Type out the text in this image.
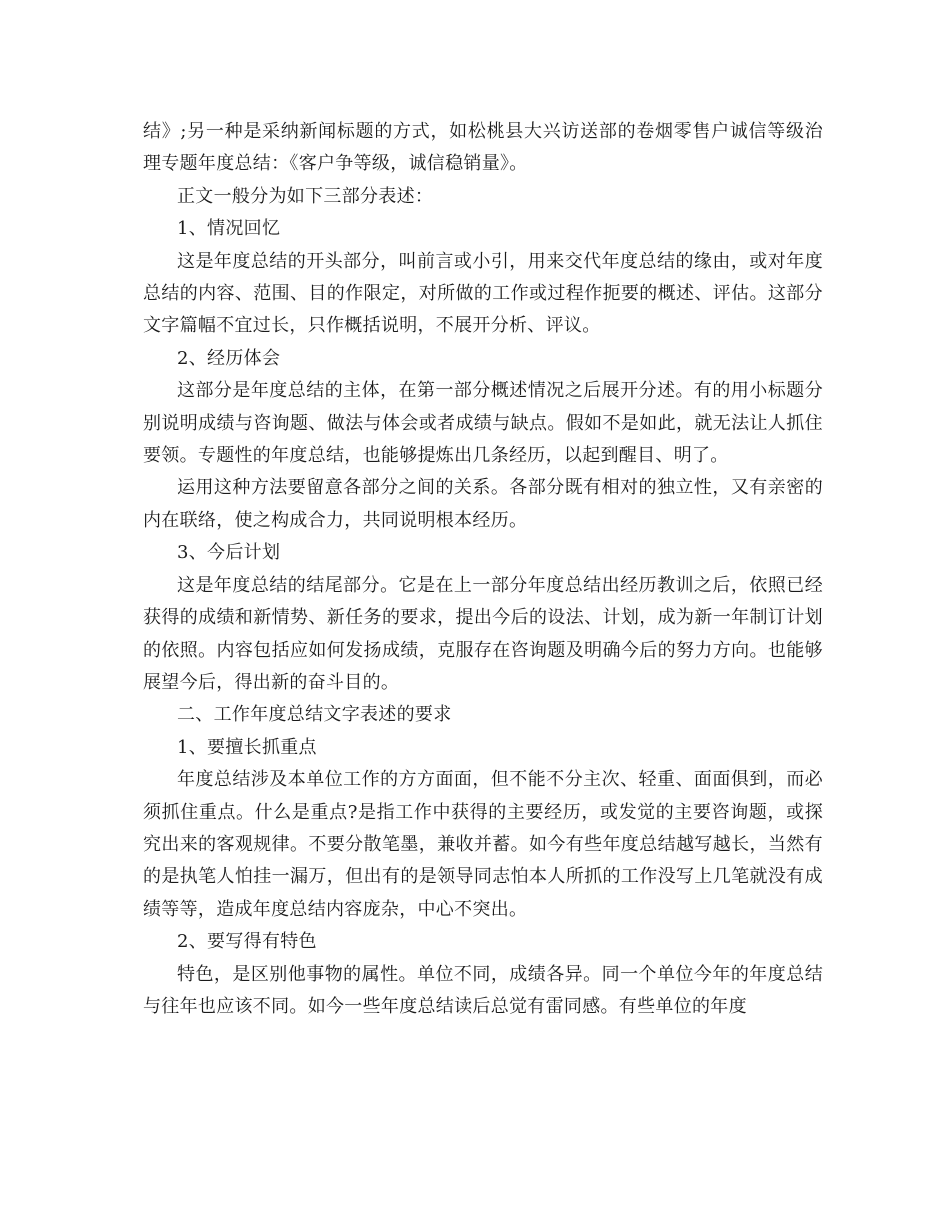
结》;另一种是采纳新闻标题的方式，如松桃县大兴访送部的卷烟零售户诚信等级治理专题年度总结：《客户争等级，诚信稳销量》。

正文一般分为如下三部分表述：

1、情况回忆

这是年度总结的开头部分，叫前言或小引，用来交代年度总结的缘由，或对年度总结的内容、范围、目的作限定，对所做的工作或过程作扼要的概述、评估。这部分文字篇幅不宜过长，只作概括说明，不展开分析、评议。

2、经历体会

这部分是年度总结的主体，在第一部分概述情况之后展开分述。有的用小标题分别说明成绩与咨询题、做法与体会或者成绩与缺点。假如不是如此，就无法让人抓住要领。专题性的年度总结，也能够提炼出几条经历，以起到醒目、明了。

运用这种方法要留意各部分之间的关系。各部分既有相对的独立性，又有亲密的内在联络，使之构成合力，共同说明根本经历。

3、今后计划

这是年度总结的结尾部分。它是在上一部分年度总结出经历教训之后，依照已经获得的成绩和新情势、新任务的要求，提出今后的设法、计划，成为新一年制订计划的依照。内容包括应如何发扬成绩，克服存在咨询题及明确今后的努力方向。也能够展望今后，得出新的奋斗目的。

二、工作年度总结文字表述的要求

1、要擅长抓重点

年度总结涉及本单位工作的方方面面，但不能不分主次、轻重、面面俱到，而必须抓住重点。什么是重点?是指工作中获得的主要经历，或发觉的主要咨询题，或探究出来的客观规律。不要分散笔墨，兼收并蓄。如今有些年度总结越写越长，当然有的是执笔人怕挂一漏万，但出有的是领导同志怕本人所抓的工作没写上几笔就没有成绩等等，造成年度总结内容庞杂，中心不突出。

2、要写得有特色

特色，是区别他事物的属性。单位不同，成绩各异。同一个单位今年的年度总结与往年也应该不同。如今一些年度总结读后总觉有雷同感。有些单位的年度
